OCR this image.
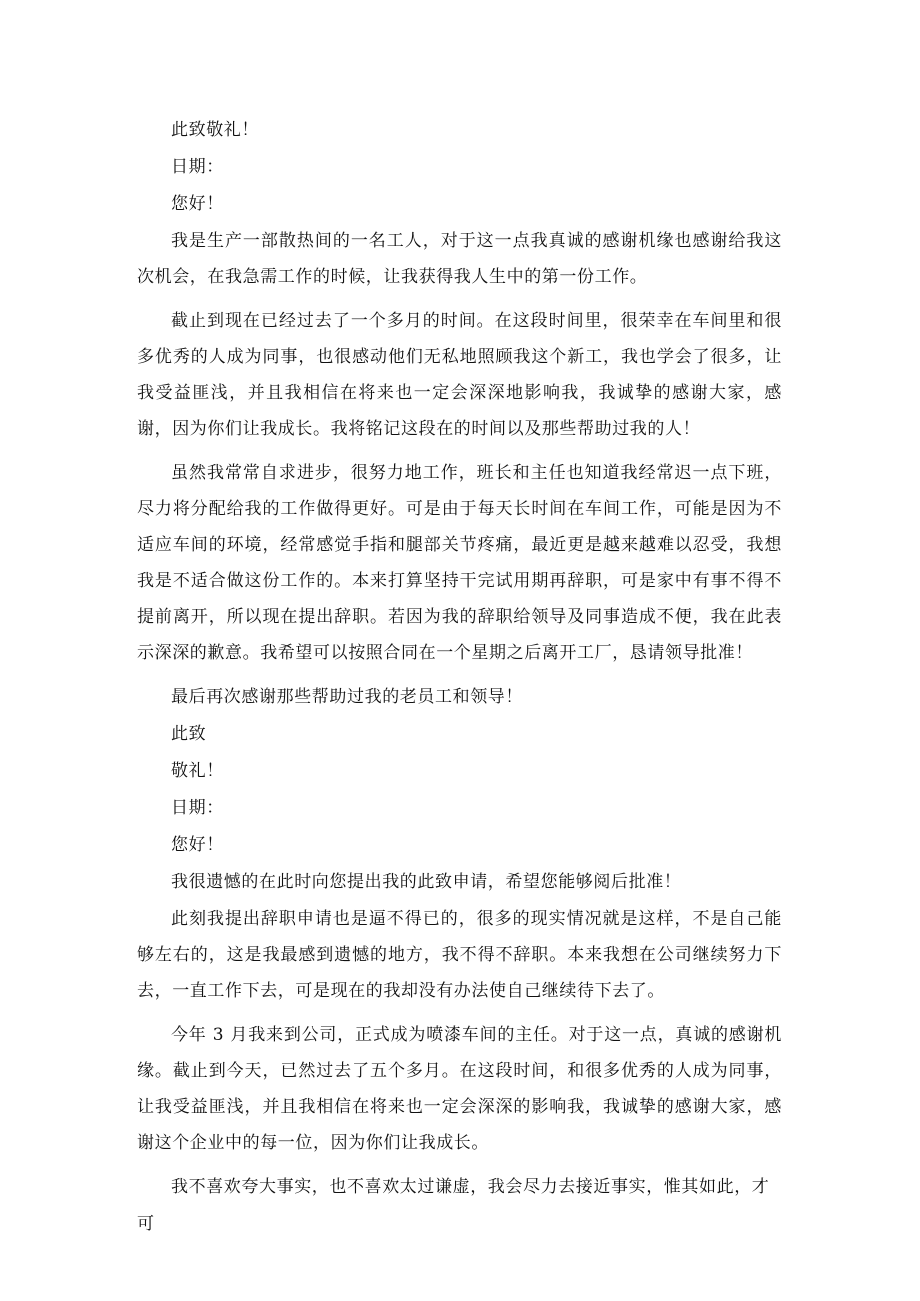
此致敬礼！

日期：

您好！

我是生产一部散热间的一名工人，对于这一点我真诚的感谢机缘也感谢给我这次机会，在我急需工作的时候，让我获得我人生中的第一份工作。

截止到现在已经过去了一个多月的时间。在这段时间里，很荣幸在车间里和很多优秀的人成为同事，也很感动他们无私地照顾我这个新工，我也学会了很多，让我受益匪浅，并且我相信在将来也一定会深深地影响我，我诚挚的感谢大家，感谢，因为你们让我成长。我将铭记这段在的时间以及那些帮助过我的人！

虽然我常常自求进步，很努力地工作，班长和主任也知道我经常迟一点下班，尽力将分配给我的工作做得更好。可是由于每天长时间在车间工作，可能是因为不适应车间的环境，经常感觉手指和腿部关节疼痛，最近更是越来越难以忍受，我想我是不适合做这份工作的。本来打算坚持干完试用期再辞职，可是家中有事不得不提前离开，所以现在提出辞职。若因为我的辞职给领导及同事造成不便，我在此表示深深的歉意。我希望可以按照合同在一个星期之后离开工厂，恳请领导批准！

最后再次感谢那些帮助过我的老员工和领导！

此致

敬礼！

日期：

您好！

我很遗憾的在此时向您提出我的此致申请，希望您能够阅后批准！

此刻我提出辞职申请也是逼不得已的，很多的现实情况就是这样，不是自己能够左右的，这是我最感到遗憾的地方，我不得不辞职。本来我想在公司继续努力下去，一直工作下去，可是现在的我却没有办法使自己继续待下去了。

今年 3 月我来到公司，正式成为喷漆车间的主任。对于这一点，真诚的感谢机缘。截止到今天，已然过去了五个多月。在这段时间，和很多优秀的人成为同事，让我受益匪浅，并且我相信在将来也一定会深深的影响我，我诚挚的感谢大家，感谢这个企业中的每一位，因为你们让我成长。

我不喜欢夸大事实，也不喜欢太过谦虚，我会尽力去接近事实，惟其如此，才可
